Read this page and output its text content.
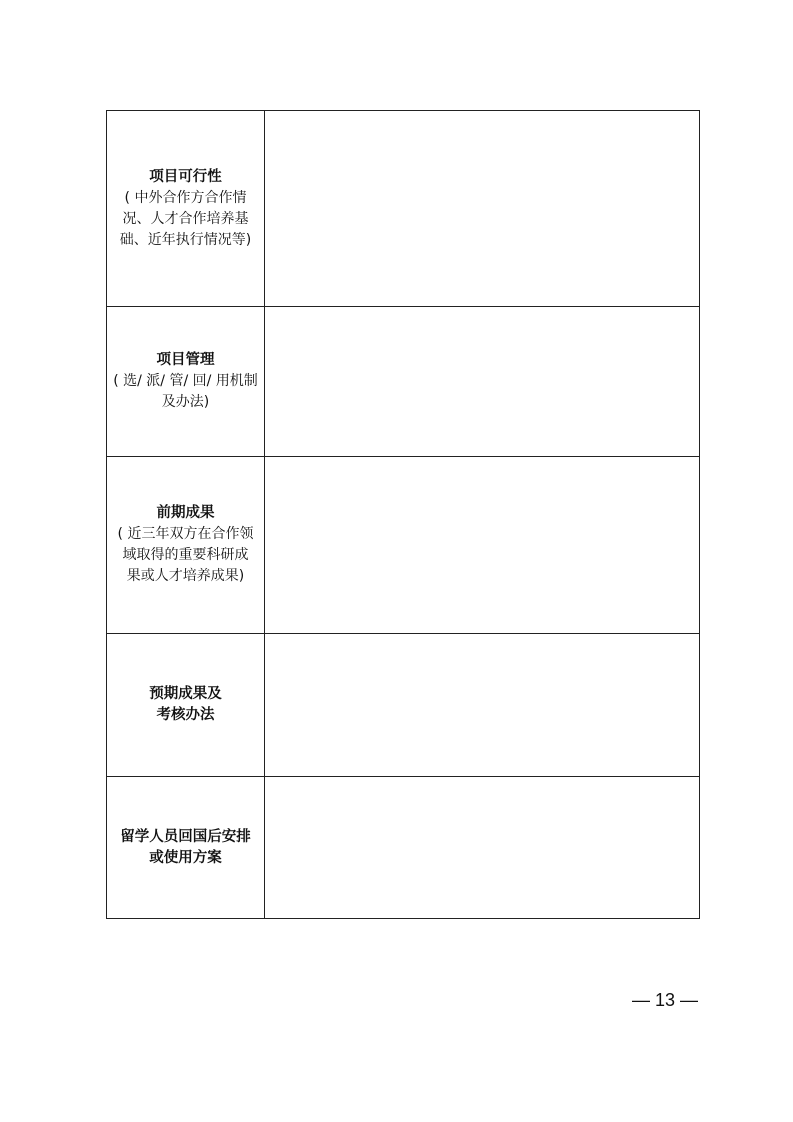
项目可行性
( 中外合作方合作情
况、人才合作培养基
础、近年执行情况等)	

项目管理
( 选/ 派/ 管/ 回/ 用机制
及办法)	

前期成果
( 近三年双方在合作领
域取得的重要科研成
果或人才培养成果)	

预期成果及
考核办法	

留学人员回国后安排
或使用方案	

— 13 —
